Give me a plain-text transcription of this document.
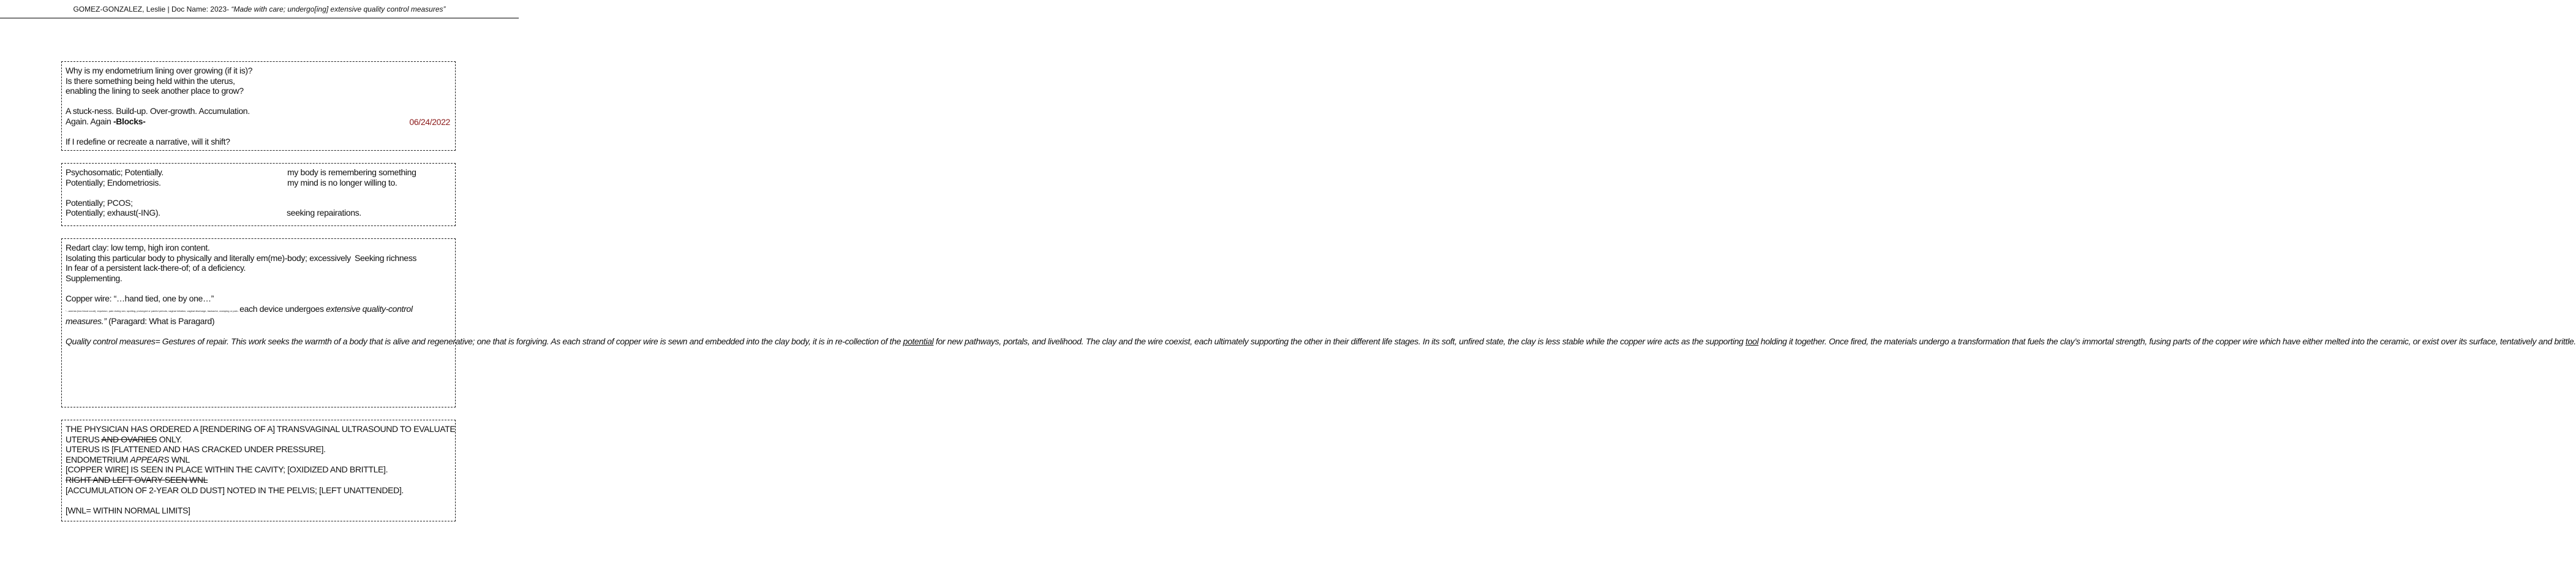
GOMEZ-GONZALEZ, Leslie | Doc Name: 2023- “Made with care; undergo[ing] extensive quality control measures”

Why is my endometrium lining over growing (if it is)?

Is there something being held within the uterus,

enabling the lining to seek another place to grow?

A stuck-ness. Build-up. Over-growth. Accumulation.

Again. Again -Blocks-

If I redefine or recreate a narrative, will it shift?

06/24/2022

Psychosomatic; Potentially.	my body is remembering something

Potentially; Endometriosis.	my mind is no longer willing to.

Potentially; PCOS;

Potentially; exhaust(-ING).	seeking repairations.

Redart clay: low temp, high iron content.

Isolating this particular body to physically and literally em(me)-body; excessively Seeking richness

In fear of a persistent lack-there-of; of a deficiency.

Supplementing.

Copper wire: “…hand tied, one by one…”

“...anemia (low blood count), expulsion, pain during sex, spotting, prolonged or painful periods, vaginal irritation, vaginal discharge, backache, cramping or pain...each device undergoes extensive quality-control measures.” (Paragard: What is Paragard)

Quality control measures= Gestures of repair. This work seeks the warmth of a body that is alive and regenerative; one that is forgiving. As each strand of copper wire is sewn and embedded into the clay body, it is in re-collection of the potential for new pathways, portals, and livelihood. The clay and the wire coexist, each ultimately supporting the other in their different life stages. In its soft, unfired state, the clay is less stable while the copper wire acts as the supporting tool holding it together. Once fired, the materials undergo a transformation that fuels the clay’s immortal strength, fusing parts of the copper wire which have either melted into the ceramic, or exist over its surface, tentatively and brittle.

THE PHYSICIAN HAS ORDERED A [RENDERING OF A] TRANSVAGINAL ULTRASOUND TO EVALUATE

UTERUS AND OVARIES ONLY.

UTERUS IS [FLATTENED AND HAS CRACKED UNDER PRESSURE].

ENDOMETRIUM APPEARS WNL

[COPPER WIRE] IS SEEN IN PLACE WITHIN THE CAVITY; [OXIDIZED AND BRITTLE].

RIGHT AND LEFT OVARY SEEN WNL

[ACCUMULATION OF 2-YEAR OLD DUST] NOTED IN THE PELVIS; [LEFT UNATTENDED].

[WNL= WITHIN NORMAL LIMITS]
